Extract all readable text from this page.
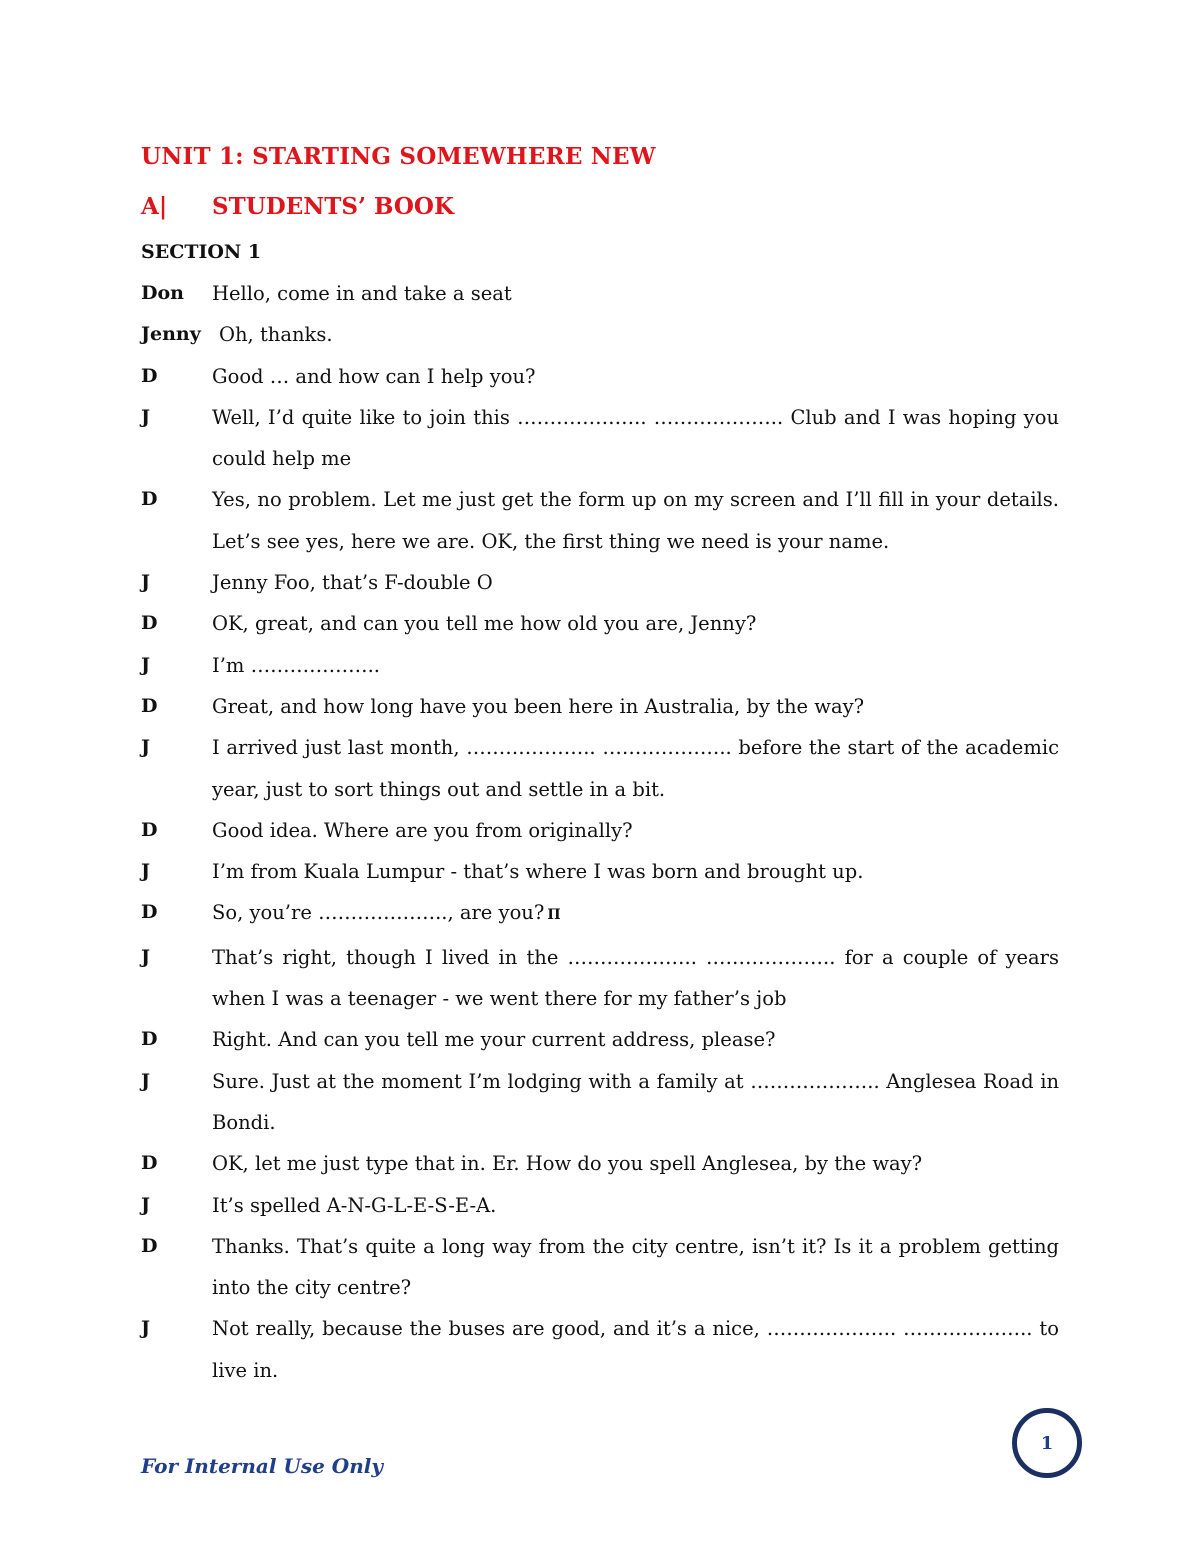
UNIT 1: STARTING SOMEWHERE NEW
A| STUDENTS’ BOOK
SECTION 1
Don Hello, come in and take a seat
Jenny Oh, thanks.
D	Good … and how can I help you?
J	Well, I’d quite like to join this ……………….. ……………….. Club and I was hoping you could help me
D	Yes, no problem. Let me just get the form up on my screen and I’ll fill in your details. Let’s see yes, here we are. OK, the first thing we need is your name.
J	Jenny Foo, that’s F-double O
D	OK, great, and can you tell me how old you are, Jenny?
J	I’m ………………..
D	Great, and how long have you been here in Australia, by the way?
J	I arrived just last month, ……………….. ……………….. before the start of the academic year, just to sort things out and settle in a bit.
D	Good idea. Where are you from originally?
J	I’m from Kuala Lumpur - that’s where I was born and brought up.
D	So, you’re ……………….., are you? Π
J	That’s right, though I lived in the ……………….. ……………….. for a couple of years when I was a teenager - we went there for my father’s job
D	Right. And can you tell me your current address, please?
J	Sure. Just at the moment I’m lodging with a family at ……………….. Anglesea Road in Bondi.
D	OK, let me just type that in. Er. How do you spell Anglesea, by the way?
J	It’s spelled A-N-G-L-E-S-E-A.
D	Thanks. That’s quite a long way from the city centre, isn’t it? Is it a problem getting into the city centre?
J	Not really, because the buses are good, and it’s a nice, ……………….. ……………….. to live in.

For Internal Use Only

1
